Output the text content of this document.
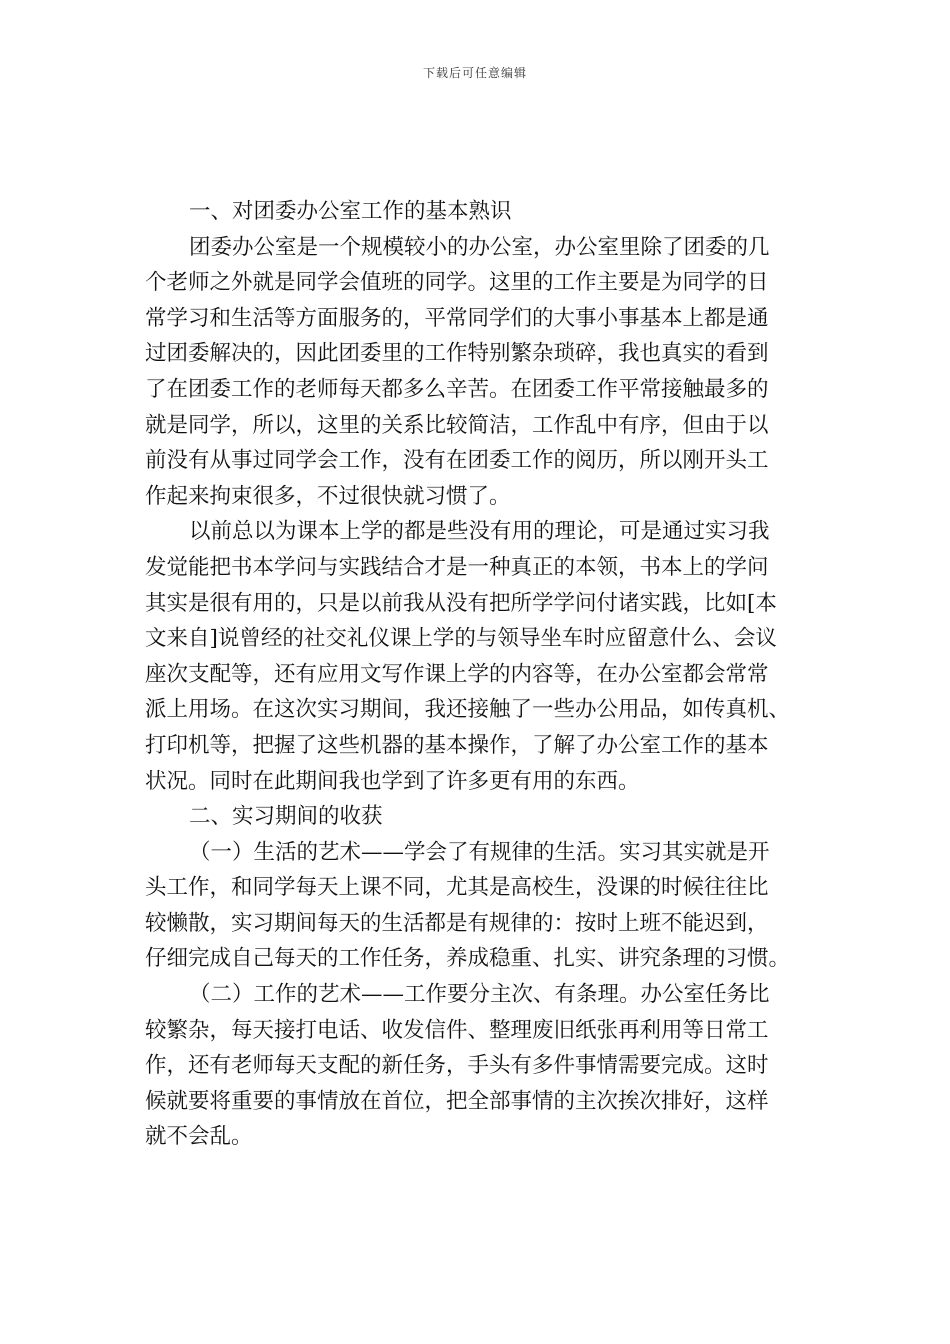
下载后可任意编辑
一、对团委办公室工作的基本熟识
团委办公室是一个规模较小的办公室，办公室里除了团委的几
个老师之外就是同学会值班的同学。这里的工作主要是为同学的日
常学习和生活等方面服务的，平常同学们的大事小事基本上都是通
过团委解决的，因此团委里的工作特别繁杂琐碎，我也真实的看到
了在团委工作的老师每天都多么辛苦。在团委工作平常接触最多的
就是同学，所以，这里的关系比较简洁，工作乱中有序，但由于以
前没有从事过同学会工作，没有在团委工作的阅历，所以刚开头工
作起来拘束很多，不过很快就习惯了。
以前总以为课本上学的都是些没有用的理论，可是通过实习我
发觉能把书本学问与实践结合才是一种真正的本领，书本上的学问
其实是很有用的，只是以前我从没有把所学学问付诸实践，比如[本
文来自]说曾经的社交礼仪课上学的与领导坐车时应留意什么、会议
座次支配等，还有应用文写作课上学的内容等，在办公室都会常常
派上用场。在这次实习期间，我还接触了一些办公用品，如传真机、
打印机等，把握了这些机器的基本操作，了解了办公室工作的基本
状况。同时在此期间我也学到了许多更有用的东西。
二、实习期间的收获
（一）生活的艺术——学会了有规律的生活。实习其实就是开
头工作，和同学每天上课不同，尤其是高校生，没课的时候往往比
较懒散，实习期间每天的生活都是有规律的：按时上班不能迟到，
仔细完成自己每天的工作任务，养成稳重、扎实、讲究条理的习惯。
（二）工作的艺术——工作要分主次、有条理。办公室任务比
较繁杂，每天接打电话、收发信件、整理废旧纸张再利用等日常工
作，还有老师每天支配的新任务，手头有多件事情需要完成。这时
候就要将重要的事情放在首位，把全部事情的主次挨次排好，这样
就不会乱。
